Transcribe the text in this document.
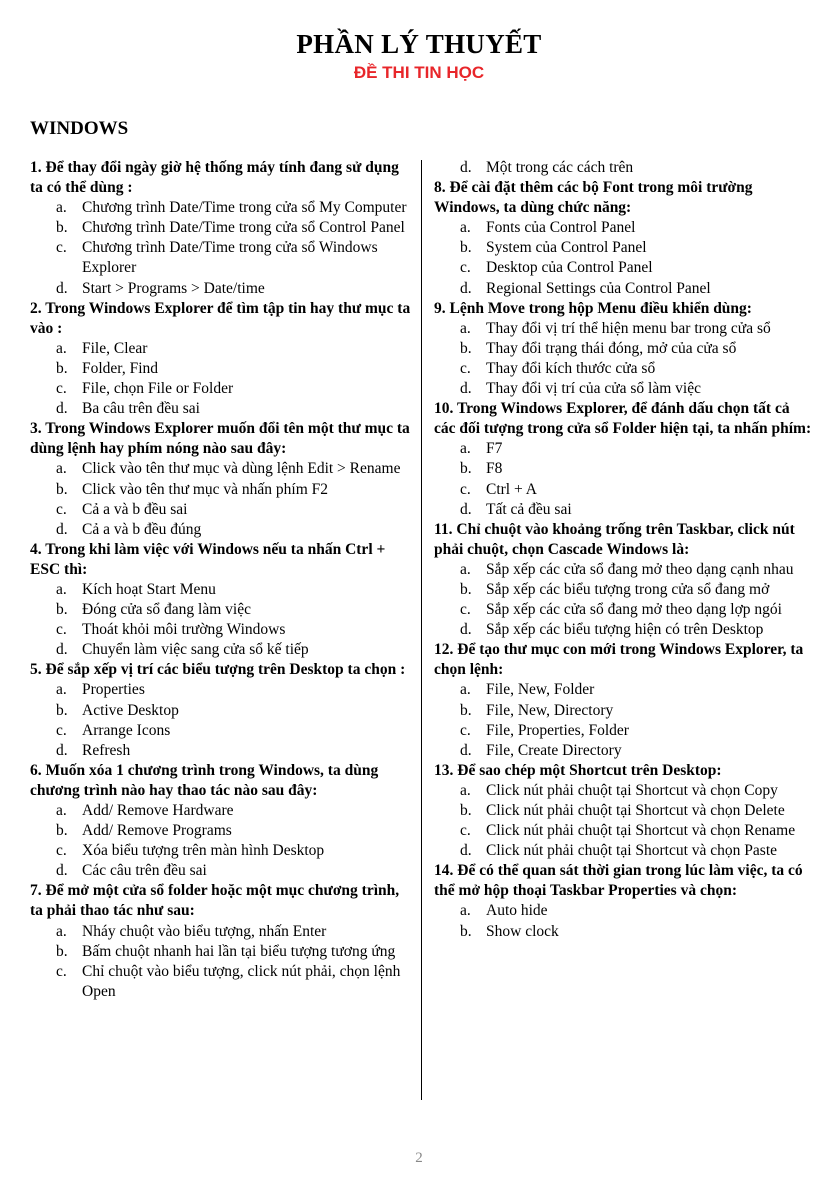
PHẦN LÝ THUYẾT
ĐỀ THI TIN HỌC
WINDOWS
1. Để thay đổi ngày giờ hệ thống máy tính đang sử dụng ta có thể dùng :
a. Chương trình Date/Time trong cửa sổ My Computer
b. Chương trình Date/Time trong cửa sổ Control Panel
c. Chương trình Date/Time trong cửa sổ Windows Explorer
d. Start > Programs > Date/time
2. Trong Windows Explorer để tìm tập tin hay thư mục ta vào :
a. File, Clear
b. Folder, Find
c. File, chọn File or Folder
d. Ba câu trên đều sai
3. Trong Windows Explorer muốn đổi tên một thư mục ta dùng lệnh hay phím nóng nào sau đây:
a. Click vào tên thư mục và dùng lệnh Edit > Rename
b. Click vào tên thư mục và nhấn phím F2
c. Cả a và b đều sai
d. Cả a và b đều đúng
4. Trong khi làm việc với Windows nếu ta nhấn Ctrl + ESC thì:
a. Kích hoạt Start Menu
b. Đóng cửa sổ đang làm việc
c. Thoát khỏi môi trường Windows
d. Chuyển làm việc sang cửa sổ kế tiếp
5. Để sắp xếp vị trí các biểu tượng trên Desktop ta chọn :
a. Properties
b. Active Desktop
c. Arrange Icons
d. Refresh
6. Muốn xóa 1 chương trình trong Windows, ta dùng chương trình nào hay thao tác nào sau đây:
a. Add/ Remove Hardware
b. Add/ Remove Programs
c. Xóa biểu tượng trên màn hình Desktop
d. Các câu trên đều sai
7. Để mở một cửa sổ folder hoặc một mục chương trình, ta phải thao tác như sau:
a. Nháy chuột vào biểu tượng, nhấn Enter
b. Bấm chuột nhanh hai lần tại biểu tượng tương ứng
c. Chỉ chuột vào biểu tượng, click nút phải, chọn lệnh Open
d. Một trong các cách trên
8. Để cài đặt thêm các bộ Font trong môi trường Windows, ta dùng chức năng:
a. Fonts của Control Panel
b. System của Control Panel
c. Desktop của Control Panel
d. Regional Settings của Control Panel
9. Lệnh Move trong hộp Menu điều khiển dùng:
a. Thay đổi vị trí thể hiện menu bar trong cửa sổ
b. Thay đổi trạng thái đóng, mở của cửa sổ
c. Thay đổi kích thước cửa sổ
d. Thay đổi vị trí của cửa sổ làm việc
10. Trong Windows Explorer, để đánh dấu chọn tất cả các đối tượng trong cửa sổ Folder hiện tại, ta nhấn phím:
a. F7
b. F8
c. Ctrl + A
d. Tất cả đều sai
11. Chỉ chuột vào khoảng trống trên Taskbar, click nút phải chuột, chọn Cascade Windows là:
a. Sắp xếp các cửa sổ đang mở theo dạng cạnh nhau
b. Sắp xếp các biểu tượng trong cửa sổ đang mở
c. Sắp xếp các cửa sổ đang mở theo dạng lợp ngói
d. Sắp xếp các biểu tượng hiện có trên Desktop
12. Để tạo thư mục con mới trong Windows Explorer, ta chọn lệnh:
a. File, New, Folder
b. File, New, Directory
c. File, Properties, Folder
d. File, Create Directory
13. Để sao chép một Shortcut trên Desktop:
a. Click nút phải chuột tại Shortcut và chọn Copy
b. Click nút phải chuột tại Shortcut và chọn Delete
c. Click nút phải chuột tại Shortcut và chọn Rename
d. Click nút phải chuột tại Shortcut và chọn Paste
14. Để có thể quan sát thời gian trong lúc làm việc, ta có thể mở hộp thoại Taskbar Properties và chọn:
a. Auto hide
b. Show clock
2
